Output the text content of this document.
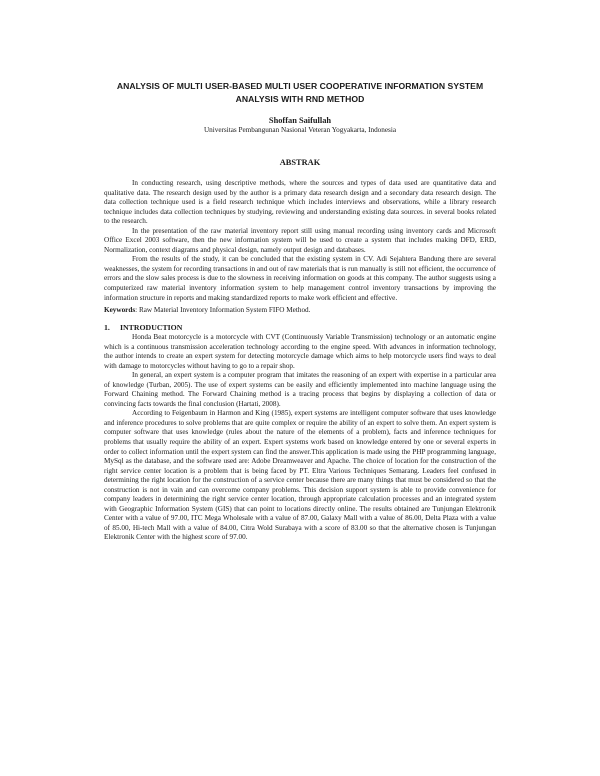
ANALYSIS OF MULTI USER-BASED MULTI USER COOPERATIVE INFORMATION SYSTEM
ANALYSIS WITH RND METHOD
Shoffan Saifullah
Universitas Pembangunan Nasional Veteran Yogyakarta, Indonesia
ABSTRAK

In conducting research, using descriptive methods, where the sources and types of data used are quantitative data and qualitative data. The research design used by the author is a primary data research design and a secondary data research design. The data collection technique used is a field research technique which includes interviews and observations, while a library research technique includes data collection techniques by studying, reviewing and understanding existing data sources. in several books related to the research.

In the presentation of the raw material inventory report still using manual recording using inventory cards and Microsoft Office Excel 2003 software, then the new information system will be used to create a system that includes making DFD, ERD, Normalization, context diagrams and physical design, namely output design and databases.

From the results of the study, it can be concluded that the existing system in CV. Adi Sejahtera Bandung there are several weaknesses, the system for recording transactions in and out of raw materials that is run manually is still not efficient, the occurrence of errors and the slow sales process is due to the slowness in receiving information on goods at this company. The author suggests using a computerized raw material inventory information system to help management control inventory transactions by improving the information structure in reports and making standardized reports to make work efficient and effective.

Keywords: Raw Material Inventory Information System FIFO Method.
1. INTRODUCTION

Honda Beat motorcycle is a motorcycle with CVT (Continuously Variable Transmission) technology or an automatic engine which is a continuous transmission acceleration technology according to the engine speed. With advances in information technology, the author intends to create an expert system for detecting motorcycle damage which aims to help motorcycle users find ways to deal with damage to motorcycles without having to go to a repair shop.

In general, an expert system is a computer program that imitates the reasoning of an expert with expertise in a particular area of knowledge (Turban, 2005). The use of expert systems can be easily and efficiently implemented into machine language using the Forward Chaining method. The Forward Chaining method is a tracing process that begins by displaying a collection of data or convincing facts towards the final conclusion (Hartati, 2008).

According to Feigenbaum in Harmon and King (1985), expert systems are intelligent computer software that uses knowledge and inference procedures to solve problems that are quite complex or require the ability of an expert to solve them. An expert system is computer software that uses knowledge (rules about the nature of the elements of a problem), facts and inference techniques for problems that usually require the ability of an expert. Expert systems work based on knowledge entered by one or several experts in order to collect information until the expert system can find the answer.This application is made using the PHP programming language, MySql as the database, and the software used are: Adobe Dreamweaver and Apache. The choice of location for the construction of the right service center location is a problem that is being faced by PT. Eltra Various Techniques Semarang. Leaders feel confused in determining the right location for the construction of a service center because there are many things that must be considered so that the construction is not in vain and can overcome company problems. This decision support system is able to provide convenience for company leaders in determining the right service center location, through appropriate calculation processes and an integrated system with Geographic Information System (GIS) that can point to locations directly online. The results obtained are Tunjungan Elektronik Center with a value of 97.00, ITC Mega Wholesale with a value of 87.00, Galaxy Mall with a value of 86.00, Delta Plaza with a value of 85.00, Hi-tech Mall with a value of 84.00, Citra Wold Surabaya with a score of 83.00 so that the alternative chosen is Tunjungan Elektronik Center with the highest score of 97.00.
